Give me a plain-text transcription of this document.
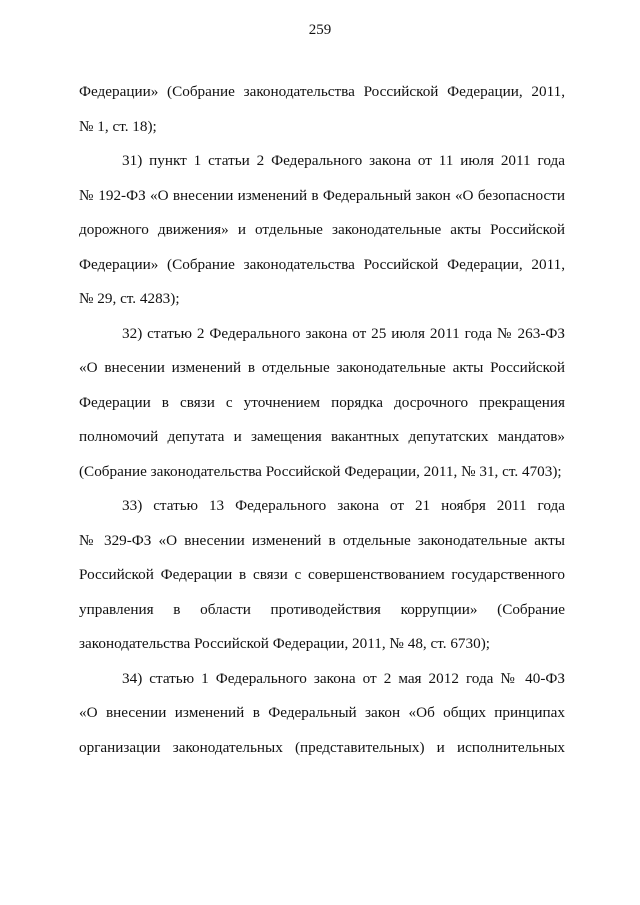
259
Федерации» (Собрание законодательства Российской Федерации, 2011,
№ 1, ст. 18);
31) пункт 1 статьи 2 Федерального закона от 11 июля 2011 года
№ 192-ФЗ «О внесении изменений в Федеральный закон «О безопасности
дорожного движения» и отдельные законодательные акты Российской
Федерации» (Собрание законодательства Российской Федерации, 2011,
№ 29, ст. 4283);
32) статью 2 Федерального закона от 25 июля 2011 года № 263-ФЗ
«О внесении изменений в отдельные законодательные акты Российской
Федерации в связи с уточнением порядка досрочного прекращения
полномочий депутата и замещения вакантных депутатских мандатов»
(Собрание законодательства Российской Федерации, 2011, № 31, ст. 4703);
33) статью 13 Федерального закона от 21 ноября 2011 года
№ 329-ФЗ «О внесении изменений в отдельные законодательные акты
Российской Федерации в связи с совершенствованием государственного
управления в области противодействия коррупции» (Собрание
законодательства Российской Федерации, 2011, № 48, ст. 6730);
34) статью 1 Федерального закона от 2 мая 2012 года № 40-ФЗ
«О внесении изменений в Федеральный закон «Об общих принципах
организации законодательных (представительных) и исполнительных
